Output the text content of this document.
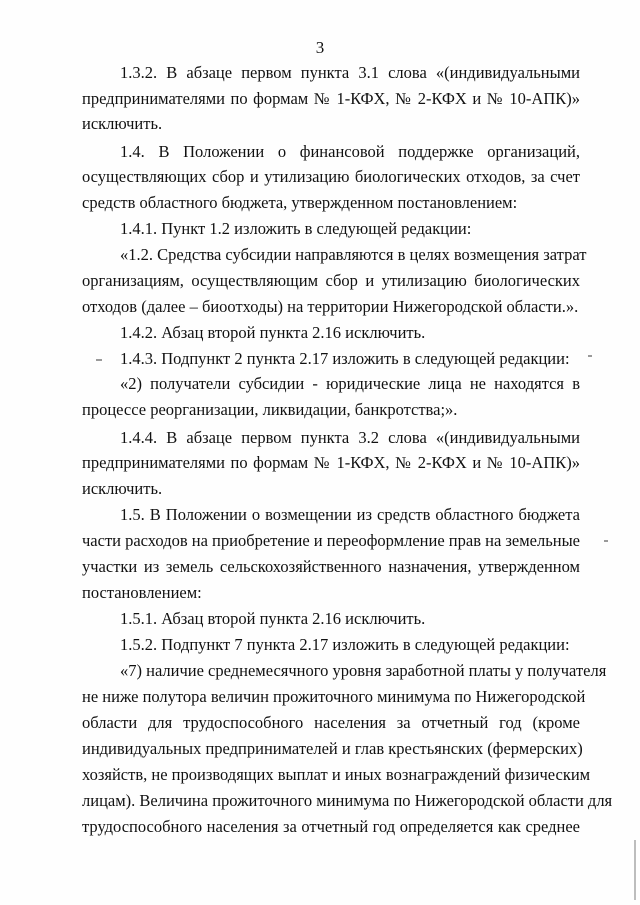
3
1.3.2. В абзаце первом пункта 3.1 слова «(индивидуальными
предпринимателями по формам № 1-КФХ, № 2-КФХ и № 10-АПК)»
исключить.
1.4. В Положении о финансовой поддержке организаций,
осуществляющих сбор и утилизацию биологических отходов, за счет
средств областного бюджета, утвержденном постановлением:
1.4.1. Пункт 1.2 изложить в следующей редакции:
«1.2. Средства субсидии направляются в целях возмещения затрат
организациям, осуществляющим сбор и утилизацию биологических
отходов (далее – биоотходы) на территории Нижегородской области.».
1.4.2. Абзац второй пункта 2.16 исключить.
1.4.3. Подпункт 2 пункта 2.17 изложить в следующей редакции:
«2) получатели субсидии - юридические лица не находятся в
процессе реорганизации, ликвидации, банкротства;».
1.4.4. В абзаце первом пункта 3.2 слова «(индивидуальными
предпринимателями по формам № 1-КФХ, № 2-КФХ и № 10-АПК)»
исключить.
1.5. В Положении о возмещении из средств областного бюджета
части расходов на приобретение и переоформление прав на земельные
участки из земель сельскохозяйственного назначения, утвержденном
постановлением:
1.5.1. Абзац второй пункта 2.16 исключить.
1.5.2. Подпункт 7 пункта 2.17 изложить в следующей редакции:
«7) наличие среднемесячного уровня заработной платы у получателя
не ниже полутора величин прожиточного минимума по Нижегородской
области для трудоспособного населения за отчетный год (кроме
индивидуальных предпринимателей и глав крестьянских (фермерских)
хозяйств, не производящих выплат и иных вознаграждений физическим
лицам). Величина прожиточного минимума по Нижегородской области для
трудоспособного населения за отчетный год определяется как среднее
